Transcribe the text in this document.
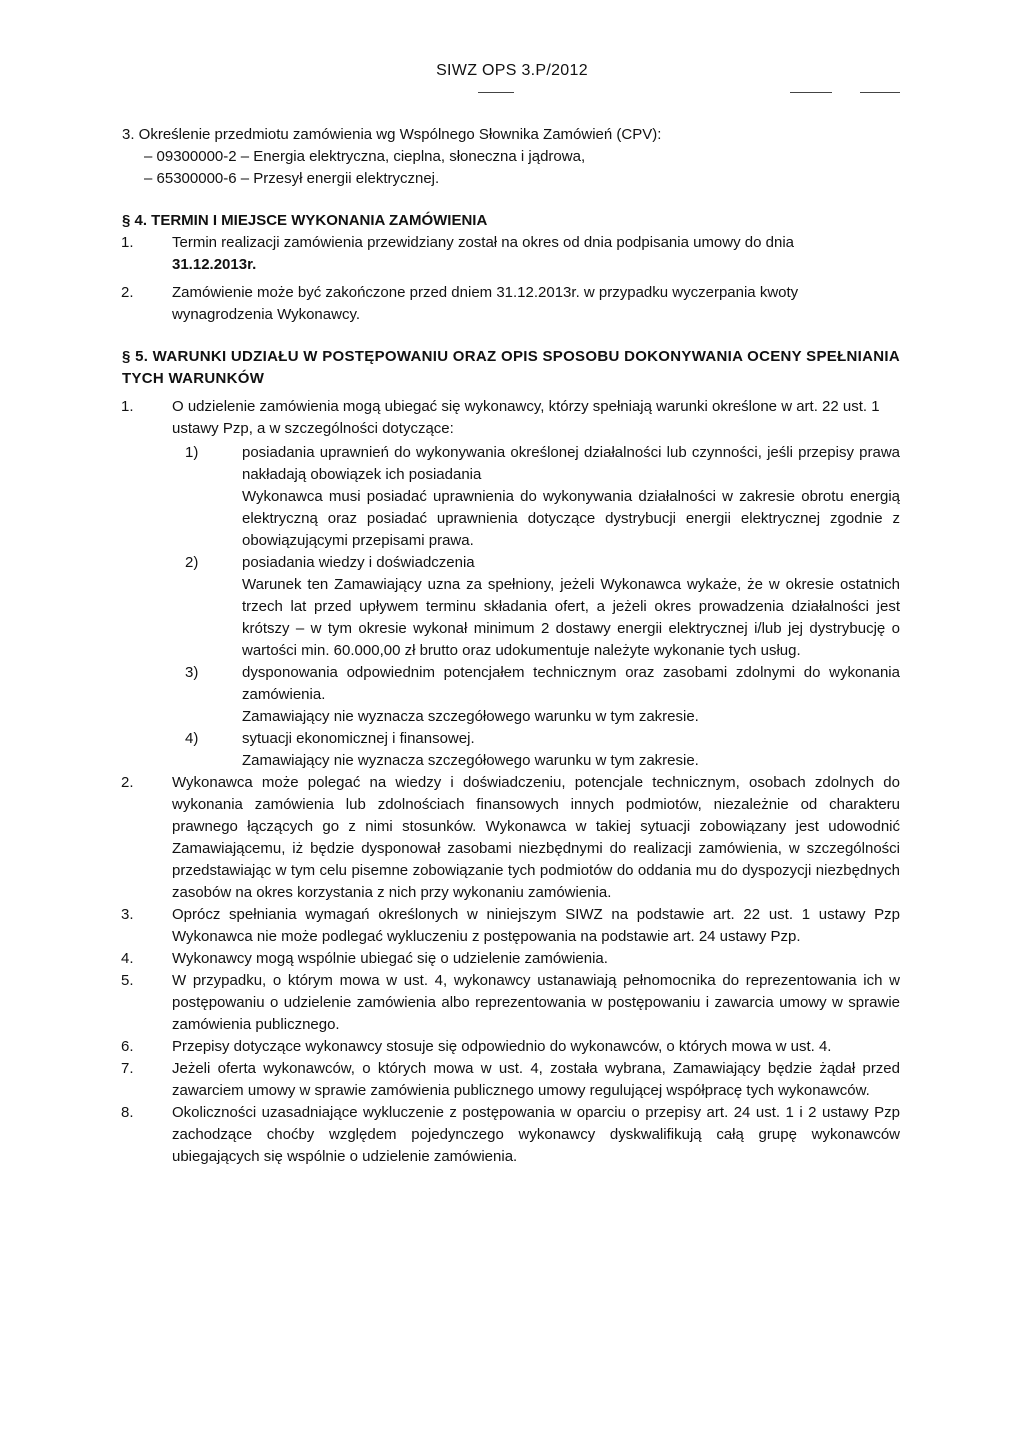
SIWZ OPS 3.P/2012
3. Określenie przedmiotu zamówienia wg Wspólnego Słownika Zamówień (CPV):
– 09300000-2 – Energia elektryczna, cieplna, słoneczna i jądrowa,
– 65300000-6 – Przesył energii elektrycznej.
§ 4. TERMIN I MIEJSCE WYKONANIA ZAMÓWIENIA
1.	Termin realizacji zamówienia przewidziany został na okres od dnia podpisania umowy do dnia

31.12.2013r.

2.	Zamówienie może być zakończone przed dniem 31.12.2013r. w przypadku wyczerpania kwoty wynagrodzenia Wykonawcy.

§ 5. WARUNKI UDZIAŁU W POSTĘPOWANIU ORAZ OPIS SPOSOBU DOKONYWANIA OCENY SPEŁNIANIA TYCH WARUNKÓW
1.	O udzielenie zamówienia mogą ubiegać się wykonawcy, którzy spełniają warunki określone w art. 22 ust. 1 ustawy Pzp, a w szczególności dotyczące:

1)	posiadania uprawnień do wykonywania określonej działalności lub czynności, jeśli przepisy prawa nakładają obowiązek ich posiadania

Wykonawca musi posiadać uprawnienia do wykonywania działalności w zakresie obrotu energią elektryczną oraz posiadać uprawnienia dotyczące dystrybucji energii elektrycznej zgodnie z obowiązującymi przepisami prawa.

2)	posiadania wiedzy i doświadczenia

Warunek ten Zamawiający uzna za spełniony, jeżeli Wykonawca wykaże, że w okresie ostatnich trzech lat przed upływem terminu składania ofert, a jeżeli okres prowadzenia działalności jest krótszy – w tym okresie wykonał minimum 2 dostawy energii elektrycznej i/lub jej dystrybucję o wartości min. 60.000,00 zł brutto oraz udokumentuje należyte wykonanie tych usług.

3)	dysponowania odpowiednim potencjałem technicznym oraz zasobami zdolnymi do wykonania zamówienia.

Zamawiający nie wyznacza szczegółowego warunku w tym zakresie.

4)	sytuacji ekonomicznej i finansowej.

Zamawiający nie wyznacza szczegółowego warunku w tym zakresie.

2.	Wykonawca może polegać na wiedzy i doświadczeniu, potencjale technicznym, osobach zdolnych do wykonania zamówienia lub zdolnościach finansowych innych podmiotów, niezależnie od charakteru prawnego łączących go z nimi stosunków. Wykonawca w takiej sytuacji zobowiązany jest udowodnić Zamawiającemu, iż będzie dysponował zasobami niezbędnymi do realizacji zamówienia, w szczególności przedstawiając w tym celu pisemne zobowiązanie tych podmiotów do oddania mu do dyspozycji niezbędnych zasobów na okres korzystania z nich przy wykonaniu zamówienia.

3.	Oprócz spełniania wymagań określonych w niniejszym SIWZ na podstawie art. 22 ust. 1 ustawy Pzp Wykonawca nie może podlegać wykluczeniu z postępowania na podstawie art. 24 ustawy Pzp.

4.	Wykonawcy mogą wspólnie ubiegać się o udzielenie zamówienia.

5.	W przypadku, o którym mowa w ust. 4, wykonawcy ustanawiają pełnomocnika do reprezentowania ich w postępowaniu o udzielenie zamówienia albo reprezentowania w postępowaniu i zawarcia umowy w sprawie zamówienia publicznego.

6.	Przepisy dotyczące wykonawcy stosuje się odpowiednio do wykonawców, o których mowa w ust. 4.

7.	Jeżeli oferta wykonawców, o których mowa w ust. 4, została wybrana, Zamawiający będzie żądał przed zawarciem umowy w sprawie zamówienia publicznego umowy regulującej współpracę tych wykonawców.

8.	Okoliczności uzasadniające wykluczenie z postępowania w oparciu o przepisy art. 24 ust. 1 i 2 ustawy Pzp zachodzące choćby względem pojedynczego wykonawcy dyskwalifikują całą grupę wykonawców ubiegających się wspólnie o udzielenie zamówienia.
